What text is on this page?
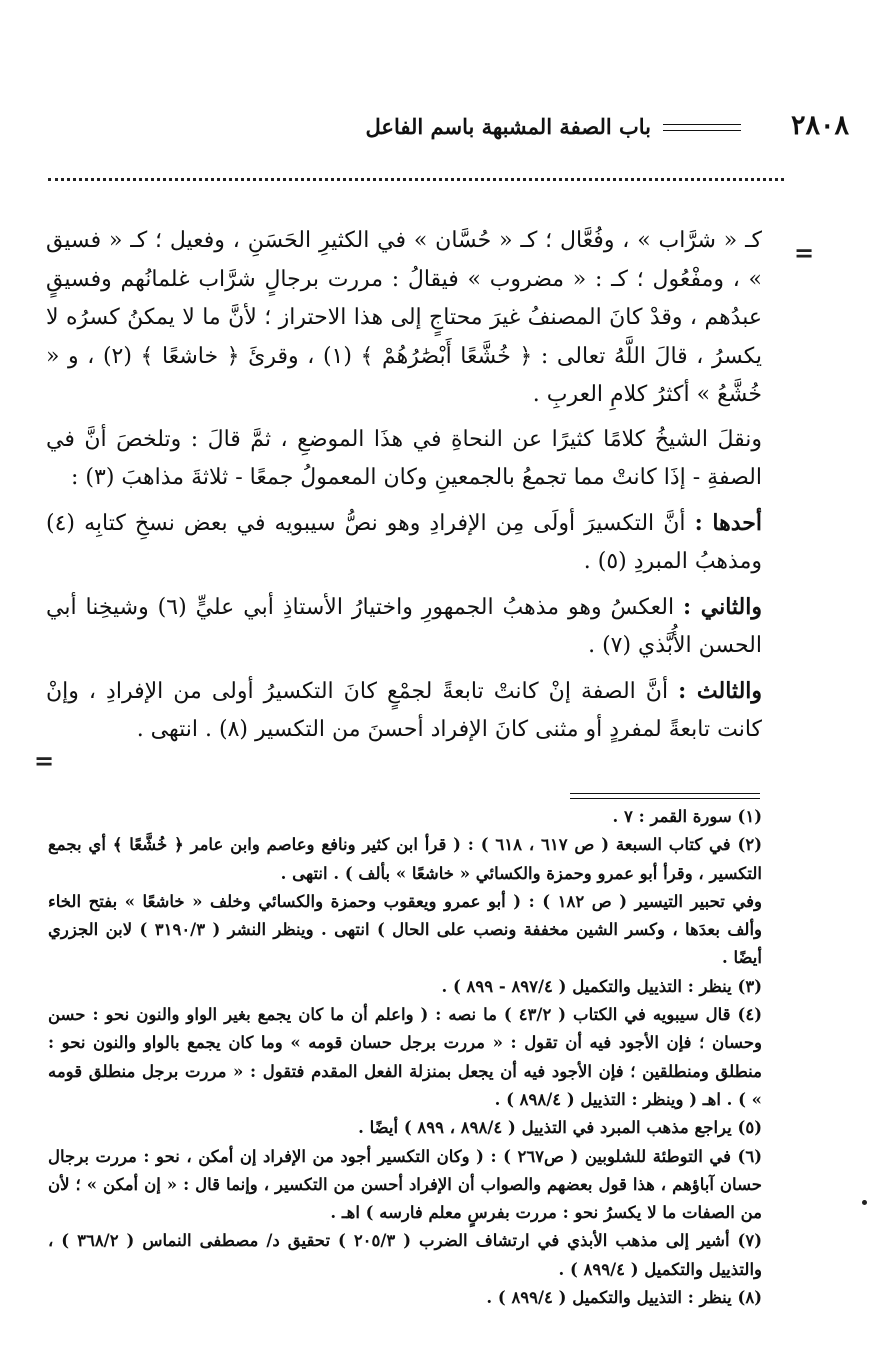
٢٨٠٨
باب الصفة المشبهة باسم الفاعل
=
=

كـ « شرَّاب » ، وفُعَّال ؛ كـ « حُسَّان » في الكثيرِ الحَسَنِ ، وفعيل ؛ كـ « فسيق » ، ومفْعُول ؛ كـ : « مضروب » فيقالُ : مررت برجالٍ شرَّاب غلمانُهم وفسيقٍ عبدُهم ، وقدْ كانَ المصنفُ غيرَ محتاجٍ إلى هذا الاحتراز ؛ لأنَّ ما لا يمكنُ كسرُه لا يكسرُ ، قالَ اللَّهُ تعالى : ﴿ خُشَّعًا أَبْصَٰرُهُمْ ﴾ (١) ، وقرئَ ﴿ خاشعًا ﴾ (٢) ، و « خُشَّعُ » أكثرُ كلامِ العربِ .

ونقلَ الشيخُ كلامًا كثيرًا عن النحاةِ في هذَا الموضعِ ، ثمَّ قالَ : وتلخصَ أنَّ في الصفةِ - إذَا كانتْ مما تجمعُ بالجمعينِ وكان المعمولُ جمعًا - ثلاثةَ مذاهبَ (٣) :

أحدها : أنَّ التكسيرَ أولَى مِن الإفرادِ وهو نصُّ سيبويه في بعض نسخِ كتابِه (٤) ومذهبُ المبردِ (٥) .

والثاني : العكسُ وهو مذهبُ الجمهورِ واختيارُ الأستاذِ أبي عليٍّ (٦) وشيخِنا أبي الحسن الأُبَّذي (٧) .

والثالث : أنَّ الصفة إنْ كانتْ تابعةً لجمْعٍ كانَ التكسيرُ أولى من الإفرادِ ، وإنْ كانت تابعةً لمفردٍ أو مثنى كانَ الإفراد أحسنَ من التكسير (٨) . انتهى .

(١) سورة القمر : ٧ .

(٢) في كتاب السبعة ( ص ٦١٧ ، ٦١٨ ) : ( قرأ ابن كثير ونافع وعاصم وابن عامر ﴿ خُشَّعًا ﴾ أي بجمع التكسير ، وقرأ أبو عمرو وحمزة والكسائي « خاشعًا » بألف ) . انتهى .

وفي تحبير التيسير ( ص ١٨٢ ) : ( أبو عمرو ويعقوب وحمزة والكسائي وخلف « خاشعًا » بفتح الخاء وألف بعدَها ، وكسر الشين مخففة ونصب على الحال ) انتهى . وينظر النشر ( ٣١٩٠/٣ ) لابن الجزري أيضًا .

(٣) ينظر : التذييل والتكميل ( ٨٩٧/٤ - ٨٩٩ ) .

(٤) قال سيبويه في الكتاب ( ٤٣/٢ ) ما نصه : ( واعلم أن ما كان يجمع بغير الواو والنون نحو : حسن وحسان ؛ فإن الأجود فيه أن تقول : « مررت برجل حسان قومه » وما كان يجمع بالواو والنون نحو : منطلق ومنطلقين ؛ فإن الأجود فيه أن يجعل بمنزلة الفعل المقدم فتقول : « مررت برجل منطلق قومه » ) . اهـ ( وينظر : التذييل ( ٨٩٨/٤ ) .

(٥) يراجع مذهب المبرد في التذييل ( ٨٩٨/٤ ، ٨٩٩ ) أيضًا .

(٦) في التوطئة للشلوبين ( ص٢٦٧ ) : ( وكان التكسير أجود من الإفراد إن أمكن ، نحو : مررت برجال حسان آباؤهم ، هذا قول بعضهم والصواب أن الإفراد أحسن من التكسير ، وإنما قال : « إن أمكن » ؛ لأن من الصفات ما لا يكسرُ نحو : مررت بفرسٍ معلم فارسه ) اهـ .

(٧) أشير إلى مذهب الأبذي في ارتشاف الضرب ( ٢٠٥/٣ ) تحقيق د/ مصطفى النماس ( ٣٦٨/٢ ) ، والتذييل والتكميل ( ٨٩٩/٤ ) .

(٨) ينظر : التذييل والتكميل ( ٨٩٩/٤ ) .
